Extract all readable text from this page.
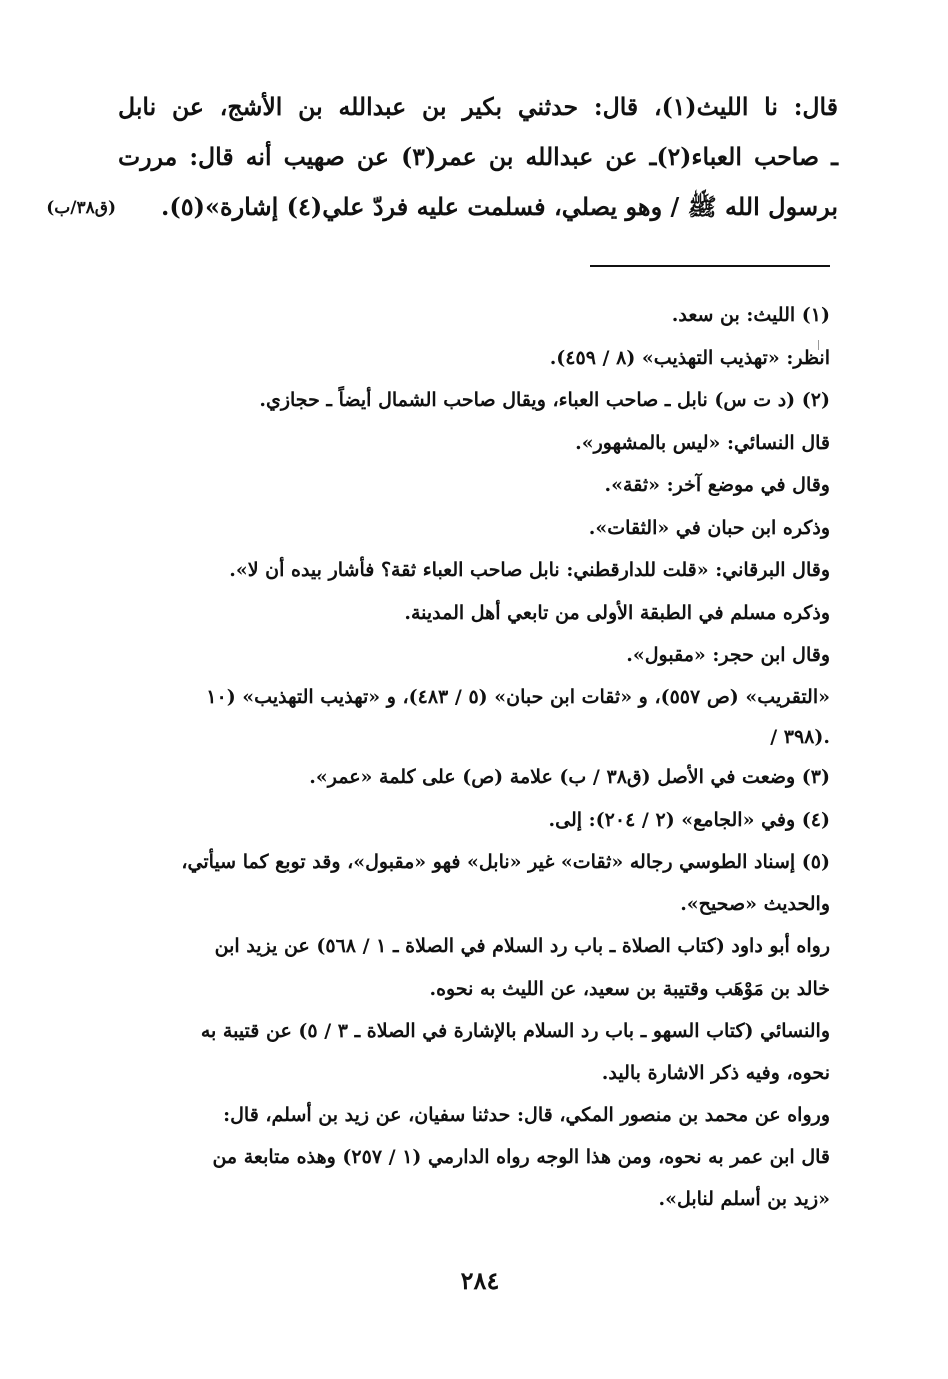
قال: نا الليث(١)، قال: حدثني بكير بن عبدالله بن الأشج، عن نابل
ـ صاحب العباء(٢)ـ عن عبدالله بن عمر(٣) عن صهيب أنه قال: مررت
برسول الله ﷺ / وهو يصلي، فسلمت عليه فردّ علي(٤) إشارة»(٥).
(ق٣٨/ب)
(١) الليث: بن سعد.
انظر: «تهذيب التهذيب» (٨ / ٤٥٩).
(٢) (د ت س) نابل ـ صاحب العباء، ويقال صاحب الشمال أيضاً ـ حجازي.
قال النسائي: «ليس بالمشهور».
وقال في موضع آخر: «ثقة».
وذكره ابن حبان في «الثقات».
وقال البرقاني: «قلت للدارقطني: نابل صاحب العباء ثقة؟ فأشار بيده أن لا».
وذكره مسلم في الطبقة الأولى من تابعي أهل المدينة.
وقال ابن حجر: «مقبول».
«التقريب» (ص ٥٥٧)، و «ثقات ابن حبان» (٥ / ٤٨٣)، و «تهذيب التهذيب» (١٠
/ ٣٩٨).
(٣) وضعت في الأصل (ق٣٨ / ب) علامة (ص) على كلمة «عمر».
(٤) وفي «الجامع» (٢ / ٢٠٤): إلى.
(٥) إسناد الطوسي رجاله «ثقات» غير «نابل» فهو «مقبول»، وقد توبع كما سيأتي،
والحديث «صحيح».
رواه أبو داود (كتاب الصلاة ـ باب رد السلام في الصلاة ـ ١ / ٥٦٨) عن يزيد ابن
خالد بن مَوْهَب وقتيبة بن سعيد، عن الليث به نحوه.
والنسائي (كتاب السهو ـ باب رد السلام بالإشارة في الصلاة ـ ٣ / ٥) عن قتيبة به
نحوه، وفيه ذكر الاشارة باليد.
ورواه عن محمد بن منصور المكي، قال: حدثنا سفيان، عن زيد بن أسلم، قال:
قال ابن عمر به نحوه، ومن هذا الوجه رواه الدارمي (١ / ٢٥٧) وهذه متابعة من
«زيد بن أسلم لنابل».
٢٨٤
